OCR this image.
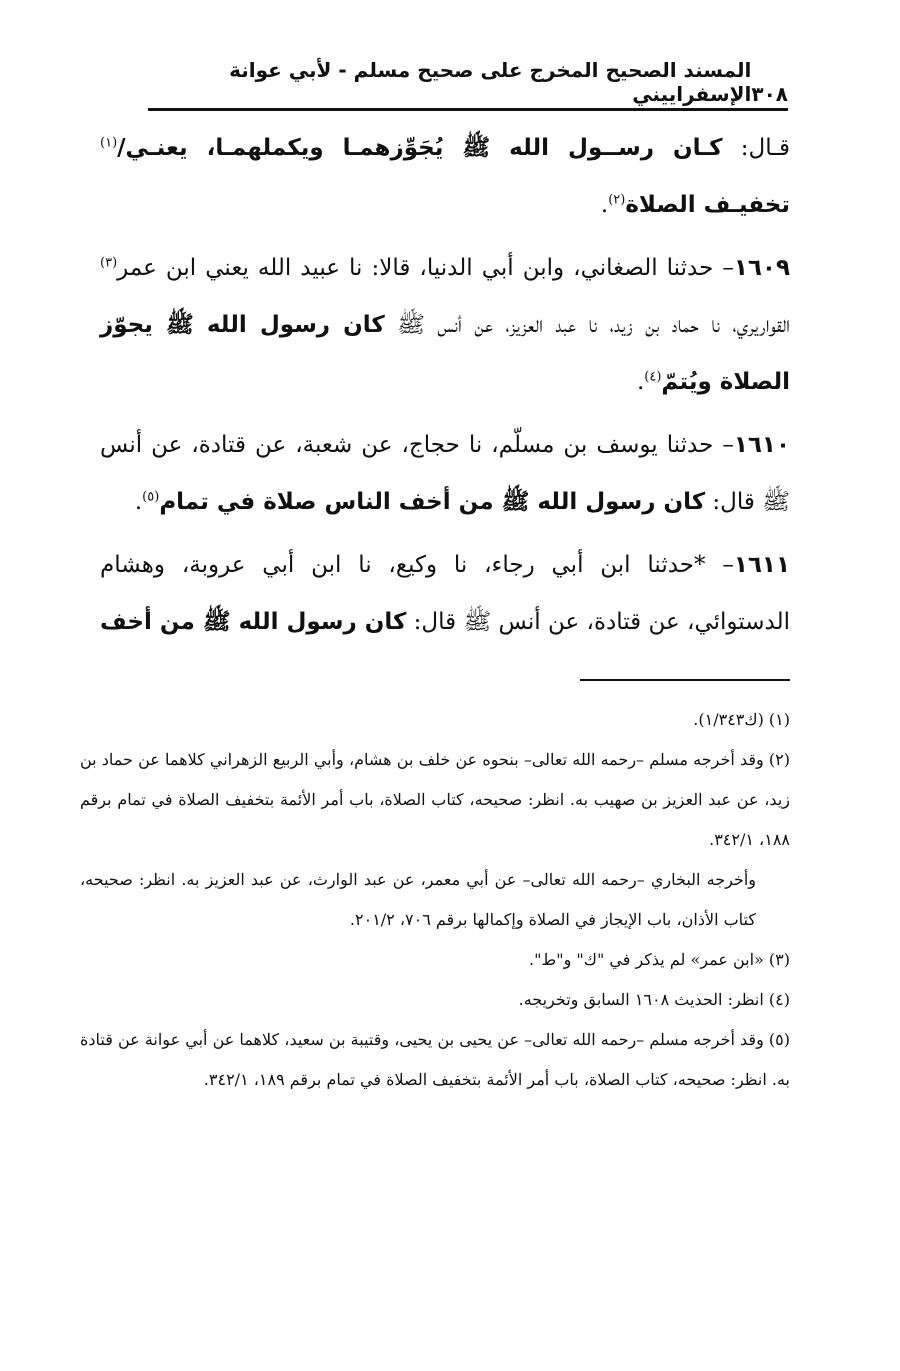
٣٠٨
المسند الصحيح المخرج على صحيح مسلم - لأبي عوانة الإسفراييني

قـال: كـان رســول الله ﷺ يُجَوِّزهمـا ويكملهمـا، يعنـي/$^{(١)}$ تخفيـف الصلاة$^{(٢)}$.

١٦٠٩– حدثنا الصغاني، وابن أبي الدنيا، قالا: نا عبيد الله يعني ابن عمر$^{(٣)}$ القواريري، نا حماد بن زيد، نا عبد العزيز، عن أنس ﷺ كان رسول الله ﷺ يجوّز الصلاة ويُتمّ$^{(٤)}$.

١٦١٠– حدثنا يوسف بن مسلّم، نا حجاج، عن شعبة، عن قتادة، عن أنس ﷺ قال: كان رسول الله ﷺ من أخف الناس صلاة في تمام$^{(٥)}$.

١٦١١– *حدثنا ابن أبي رجاء، نا وكيع، نا ابن أبي عروبة، وهشام الدستوائي، عن قتادة، عن أنس ﷺ قال: كان رسول الله ﷺ من أخف

(١) (ك١/٣٤٣).

(٢) وقد أخرجه مسلم –رحمه الله تعالى– بنحوه عن خلف بن هشام، وأبي الربيع الزهراني كلاهما عن حماد بن زيد، عن عبد العزيز بن صهيب به. انظر: صحيحه، كتاب الصلاة، باب أمر الأئمة بتخفيف الصلاة في تمام برقم ١٨٨، ٣٤٢/١.

وأخرجه البخاري –رحمه الله تعالى– عن أبي معمر، عن عبد الوارث، عن عبد العزيز به. انظر: صحيحه، كتاب الأذان، باب الإيجاز في الصلاة وإكمالها برقم ٧٠٦، ٢٠١/٢.

(٣) «ابن عمر» لم يذكر في "ك" و"ط".

(٤) انظر: الحديث ١٦٠٨ السابق وتخريجه.

(٥) وقد أخرجه مسلم –رحمه الله تعالى– عن يحيى بن يحيى، وقتيبة بن سعيد، كلاهما عن أبي عوانة عن قتادة به. انظر: صحيحه، كتاب الصلاة، باب أمر الأئمة بتخفيف الصلاة في تمام برقم ١٨٩، ٣٤٢/١.
